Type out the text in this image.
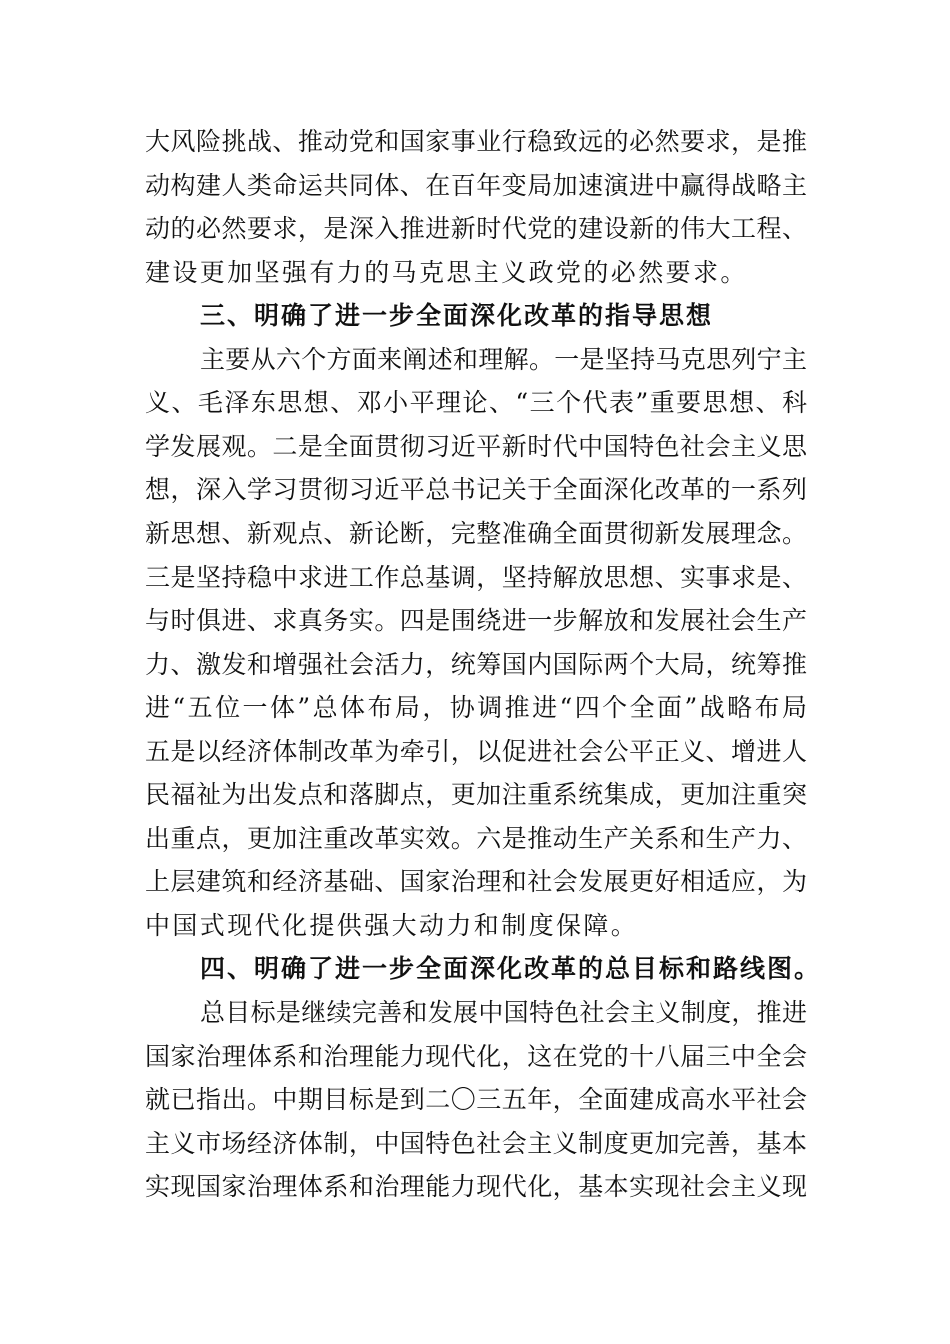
大风险挑战、推动党和国家事业行稳致远的必然要求，是推
动构建人类命运共同体、在百年变局加速演进中赢得战略主
动的必然要求，是深入推进新时代党的建设新的伟大工程、
建设更加坚强有力的马克思主义政党的必然要求。
三、明确了进一步全面深化改革的指导思想
主要从六个方面来阐述和理解。一是坚持马克思列宁主
义、毛泽东思想、邓小平理论、“三个代表”重要思想、科
学发展观。二是全面贯彻习近平新时代中国特色社会主义思
想，深入学习贯彻习近平总书记关于全面深化改革的一系列
新思想、新观点、新论断，完整准确全面贯彻新发展理念。
三是坚持稳中求进工作总基调，坚持解放思想、实事求是、
与时俱进、求真务实。四是围绕进一步解放和发展社会生产
力、激发和增强社会活力，统筹国内国际两个大局，统筹推
进“五位一体”总体布局，协调推进“四个全面”战略布局
五是以经济体制改革为牵引，以促进社会公平正义、增进人
民福祉为出发点和落脚点，更加注重系统集成，更加注重突
出重点，更加注重改革实效。六是推动生产关系和生产力、
上层建筑和经济基础、国家治理和社会发展更好相适应，为
中国式现代化提供强大动力和制度保障。
四、明确了进一步全面深化改革的总目标和路线图。
总目标是继续完善和发展中国特色社会主义制度，推进
国家治理体系和治理能力现代化，这在党的十八届三中全会
就已指出。中期目标是到二〇三五年，全面建成高水平社会
主义市场经济体制，中国特色社会主义制度更加完善，基本
实现国家治理体系和治理能力现代化，基本实现社会主义现
